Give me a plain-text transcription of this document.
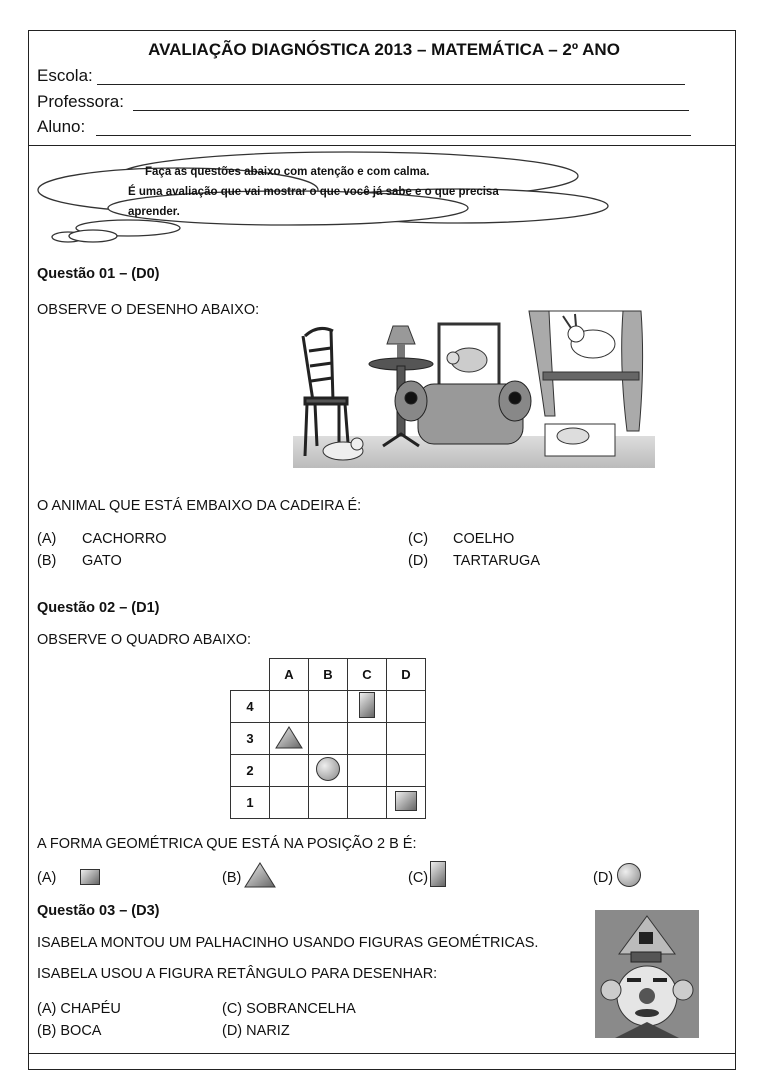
AVALIAÇÃO DIAGNÓSTICA 2013 – MATEMÁTICA – 2º ANO
Escola:
Professora:
Aluno:
Faça as questões abaixo com atenção e com calma.
É uma avaliação que vai mostrar o que você já sabe e o que precisa
aprender.
Questão 01 – (D0)
OBSERVE O DESENHO ABAIXO:
O ANIMAL QUE ESTÁ EMBAIXO DA CADEIRA É:
(A) CACHORRO
(B) GATO
(C) COELHO
(D) TARTARUGA
Questão 02 – (D1)
OBSERVE O QUADRO ABAIXO:
	A	B	C	D
4				
3				
2				
1				
A FORMA GEOMÉTRICA QUE ESTÁ NA POSIÇÃO 2 B É:
(A)	(B)	(C)	(D)
Questão 03 – (D3)
ISABELA MONTOU UM PALHACINHO USANDO FIGURAS GEOMÉTRICAS.
ISABELA USOU A FIGURA RETÂNGULO PARA DESENHAR:
(A) CHAPÉU
(B) BOCA
(C) SOBRANCELHA
(D) NARIZ
